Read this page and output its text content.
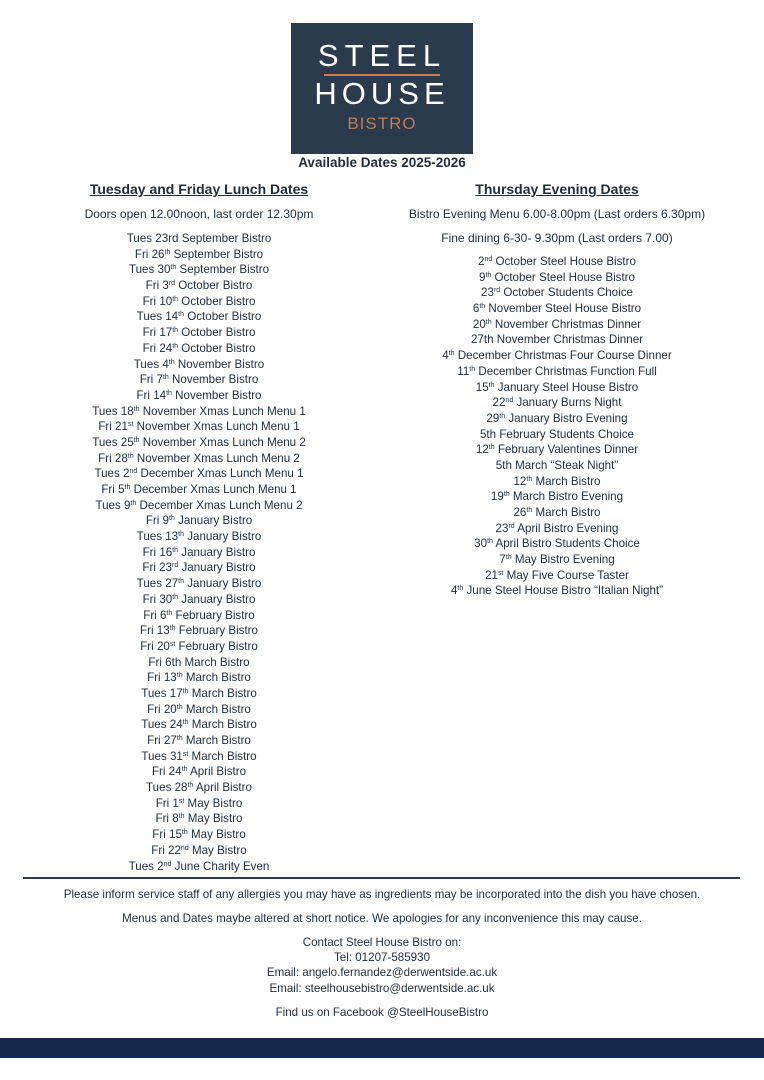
STEEL
HOUSE
BISTRO
Available Dates 2025-2026
Tuesday and Friday Lunch Dates	Thursday Evening Dates
Doors open 12.00noon, last order 12.30pm	Bistro Evening Menu 6.00-8.00pm (Last orders 6.30pm)
Fine dining 6-30- 9.30pm (Last orders 7.00)
Tues 23rd September Bistro
Fri 26th September Bistro
Tues 30th September Bistro
Fri 3rd October Bistro
Fri 10th October Bistro
Tues 14th October Bistro
Fri 17th October Bistro
Fri 24th October Bistro
Tues 4th November Bistro
Fri 7th November Bistro
Fri 14th November Bistro
Tues 18th November Xmas Lunch Menu 1
Fri 21st November Xmas Lunch Menu 1
Tues 25th November Xmas Lunch Menu 2
Fri 28th November Xmas Lunch Menu 2
Tues 2nd December Xmas Lunch Menu 1
Fri 5th December Xmas Lunch Menu 1
Tues 9th December Xmas Lunch Menu 2
Fri 9th January Bistro
Tues 13th January Bistro
Fri 16th January Bistro
Fri 23rd January Bistro
Tues 27th January Bistro
Fri 30th January Bistro
Fri 6th February Bistro
Fri 13th February Bistro
Fri 20st February Bistro
Fri 6th March Bistro
Fri 13th March Bistro
Tues 17th March Bistro
Fri 20th March Bistro
Tues 24th March Bistro
Fri 27th March Bistro
Tues 31st March Bistro
Fri 24th April Bistro
Tues 28th April Bistro
Fri 1st May Bistro
Fri 8th May Bistro
Fri 15th May Bistro
Fri 22nd May Bistro
Tues 2nd June Charity Even
2nd October Steel House Bistro
9th October Steel House Bistro
23rd October Students Choice
6th November Steel House Bistro
20th November Christmas Dinner
27th November Christmas Dinner
4th December Christmas Four Course Dinner
11th December Christmas Function Full
15th January Steel House Bistro
22nd January Burns Night
29th January Bistro Evening
5th February Students Choice
12th February Valentines Dinner
5th March “Steak Night”
12th March Bistro
19th March Bistro Evening
26th March Bistro
23rd April Bistro Evening
30th April Bistro Students Choice
7th May Bistro Evening
21st May Five Course Taster
4th June Steel House Bistro “Italian Night”
Please inform service staff of any allergies you may have as ingredients may be incorporated into the dish you have chosen.
Menus and Dates maybe altered at short notice. We apologies for any inconvenience this may cause.
Contact Steel House Bistro on:
Tel: 01207-585930
Email: angelo.fernandez@derwentside.ac.uk
Email: steelhousebistro@derwentside.ac.uk
Find us on Facebook @SteelHouseBistro
